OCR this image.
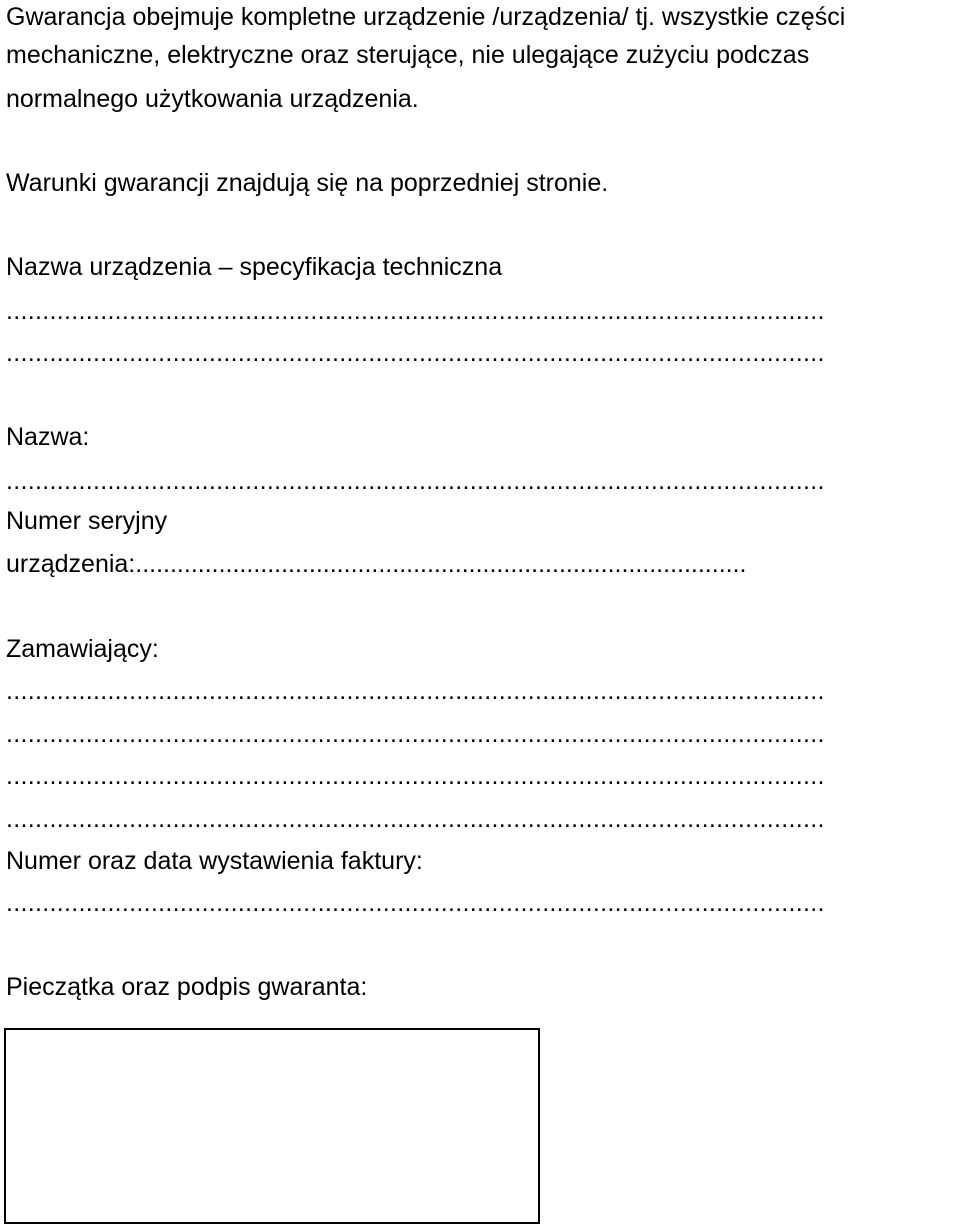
Gwarancja obejmuje kompletne urządzenie /urządzenia/ tj. wszystkie części
mechaniczne, elektryczne oraz sterujące, nie ulegające zużyciu podczas
normalnego użytkowania urządzenia.
Warunki gwarancji znajdują się na poprzedniej stronie.
Nazwa urządzenia – specyfikacja techniczna
.................................................................................................................
.................................................................................................................
Nazwa:
.................................................................................................................
Numer seryjny
urządzenia:........................................................................................
Zamawiający:
.................................................................................................................
.................................................................................................................
.................................................................................................................
.................................................................................................................
Numer oraz data wystawienia faktury:
.................................................................................................................
Pieczątka oraz podpis gwaranta:
